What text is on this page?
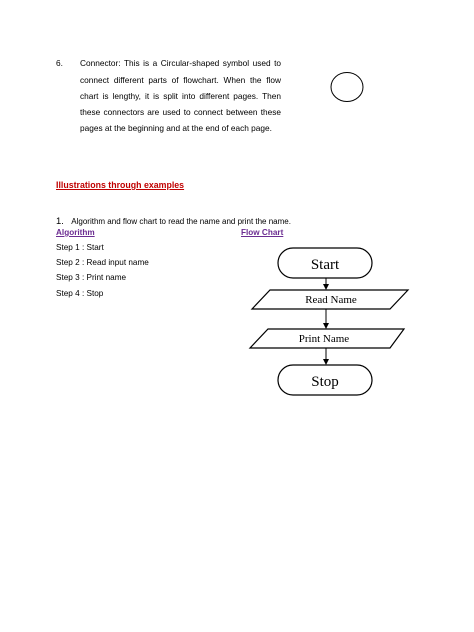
6. Connector: This is a Circular-shaped symbol used to
connect different parts of flowchart. When the flow
chart is lengthy, it is split into different pages. Then
these connectors are used to connect between these
pages at the beginning and at the end of each page.
Illustrations through examples
1. Algorithm and flow chart to read the name and print the name.
Algorithm	Flow Chart
Step 1 : Start
Step 2 : Read input name
Step 3 : Print name
Step 4 : Stop
Start
Read Name
Print Name
Stop
